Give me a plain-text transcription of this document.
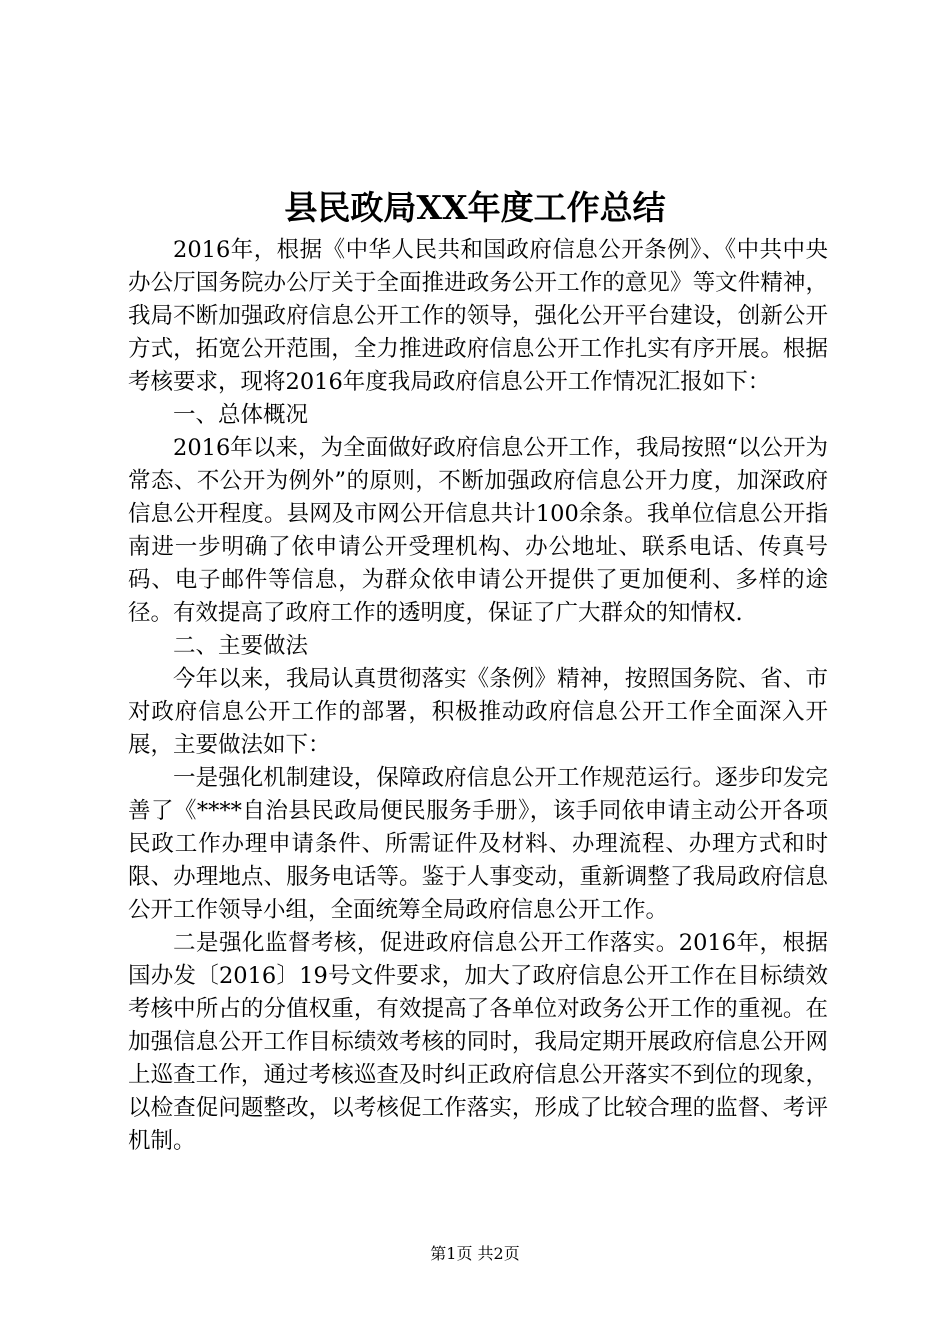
县民政局XX年度工作总结

2016年，根据《中华人民共和国政府信息公开条例》、《中共中央办公厅国务院办公厅关于全面推进政务公开工作的意见》等文件精神，我局不断加强政府信息公开工作的领导，强化公开平台建设，创新公开方式，拓宽公开范围，全力推进政府信息公开工作扎实有序开展。根据考核要求，现将2016年度我局政府信息公开工作情况汇报如下：

一、总体概况

2016年以来，为全面做好政府信息公开工作，我局按照“以公开为常态、不公开为例外”的原则，不断加强政府信息公开力度，加深政府信息公开程度。县网及市网公开信息共计100余条。我单位信息公开指南进一步明确了依申请公开受理机构、办公地址、联系电话、传真号码、电子邮件等信息，为群众依申请公开提供了更加便利、多样的途径。有效提高了政府工作的透明度，保证了广大群众的知情权.

二、主要做法

今年以来，我局认真贯彻落实《条例》精神，按照国务院、省、市对政府信息公开工作的部署，积极推动政府信息公开工作全面深入开展，主要做法如下：

一是强化机制建设，保障政府信息公开工作规范运行。逐步印发完善了《****自治县民政局便民服务手册》，该手同依申请主动公开各项民政工作办理申请条件、所需证件及材料、办理流程、办理方式和时限、办理地点、服务电话等。鉴于人事变动，重新调整了我局政府信息公开工作领导小组，全面统筹全局政府信息公开工作。

二是强化监督考核，促进政府信息公开工作落实。2016年，根据国办发〔2016〕19号文件要求，加大了政府信息公开工作在目标绩效考核中所占的分值权重，有效提高了各单位对政务公开工作的重视。在加强信息公开工作目标绩效考核的同时，我局定期开展政府信息公开网上巡查工作，通过考核巡查及时纠正政府信息公开落实不到位的现象，以检查促问题整改，以考核促工作落实，形成了比较合理的监督、考评机制。

第1页 共2页
